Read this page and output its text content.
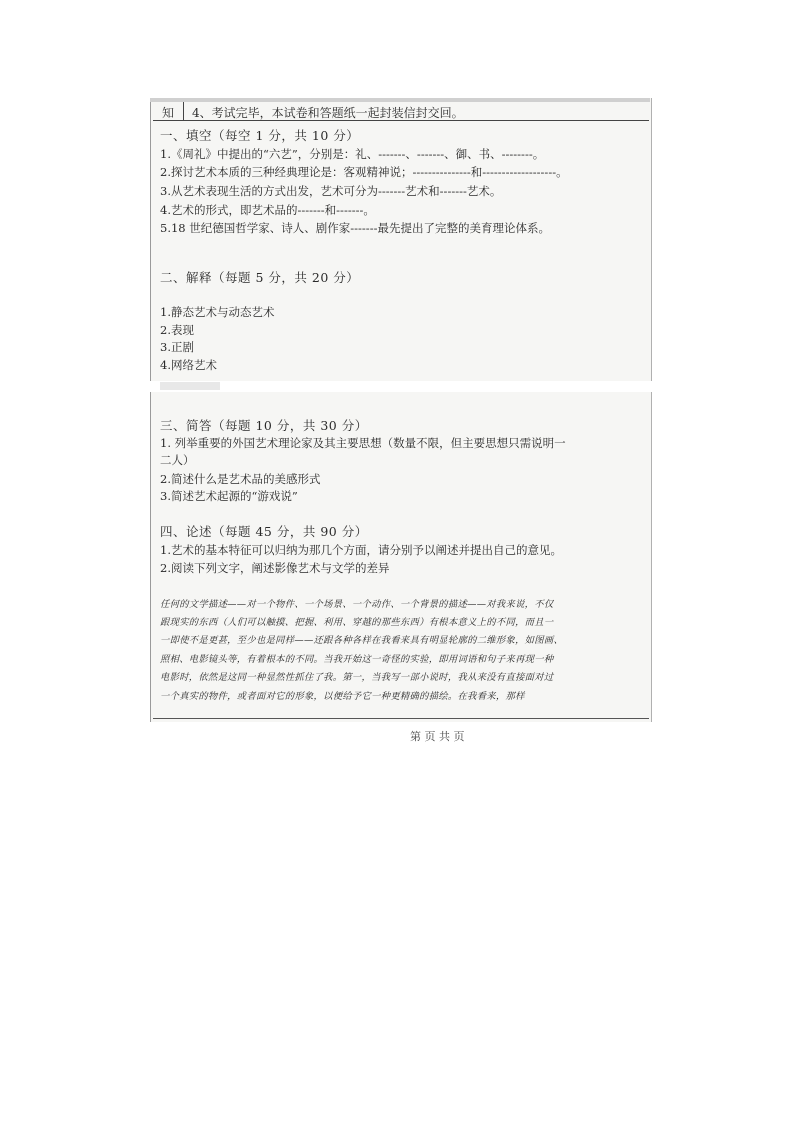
知 4、考试完毕，本试卷和答题纸一起封装信封交回。
一、填空（每空 1 分，共 10 分）
1.《周礼》中提出的“六艺”，分别是：礼、-------、-------、御、书、--------。
2.探讨艺术本质的三种经典理论是：客观精神说；---------------和-------------------。
3.从艺术表现生活的方式出发，艺术可分为-------艺术和-------艺术。
4.艺术的形式，即艺术品的-------和-------。
5.18 世纪德国哲学家、诗人、剧作家-------最先提出了完整的美育理论体系。
二、解释（每题 5 分，共 20 分）
1.静态艺术与动态艺术
2.表现
3.正剧
4.网络艺术
三、简答（每题 10 分，共 30 分）
1. 列举重要的外国艺术理论家及其主要思想（数量不限，但主要思想只需说明一
二人）
2.简述什么是艺术品的美感形式
3.简述艺术起源的“游戏说”
四、论述（每题 45 分，共 90 分）
1.艺术的基本特征可以归纳为那几个方面，请分别予以阐述并提出自己的意见。
2.阅读下列文字，阐述影像艺术与文学的差异
任何的文学描述——对一个物件、一个场景、一个动作、一个背景的描述——对我来说，不仅
跟现实的东西（人们可以触摸、把握、利用、穿越的那些东西）有根本意义上的不同，而且一
一即使不是更甚，至少也是同样——还跟各种各样在我看来具有明显轮廓的二维形象，如图画、
照相、电影镜头等，有着根本的不同。当我开始这一奇怪的实验，即用词语和句子来再现一种
电影时，依然是这同一种显然性抓住了我。第一，当我写一部小说时，我从来没有直接面对过
一个真实的物件，或者面对它的形象，以便给予它一种更精确的描绘。在我看来，那样
第 页 共 页
